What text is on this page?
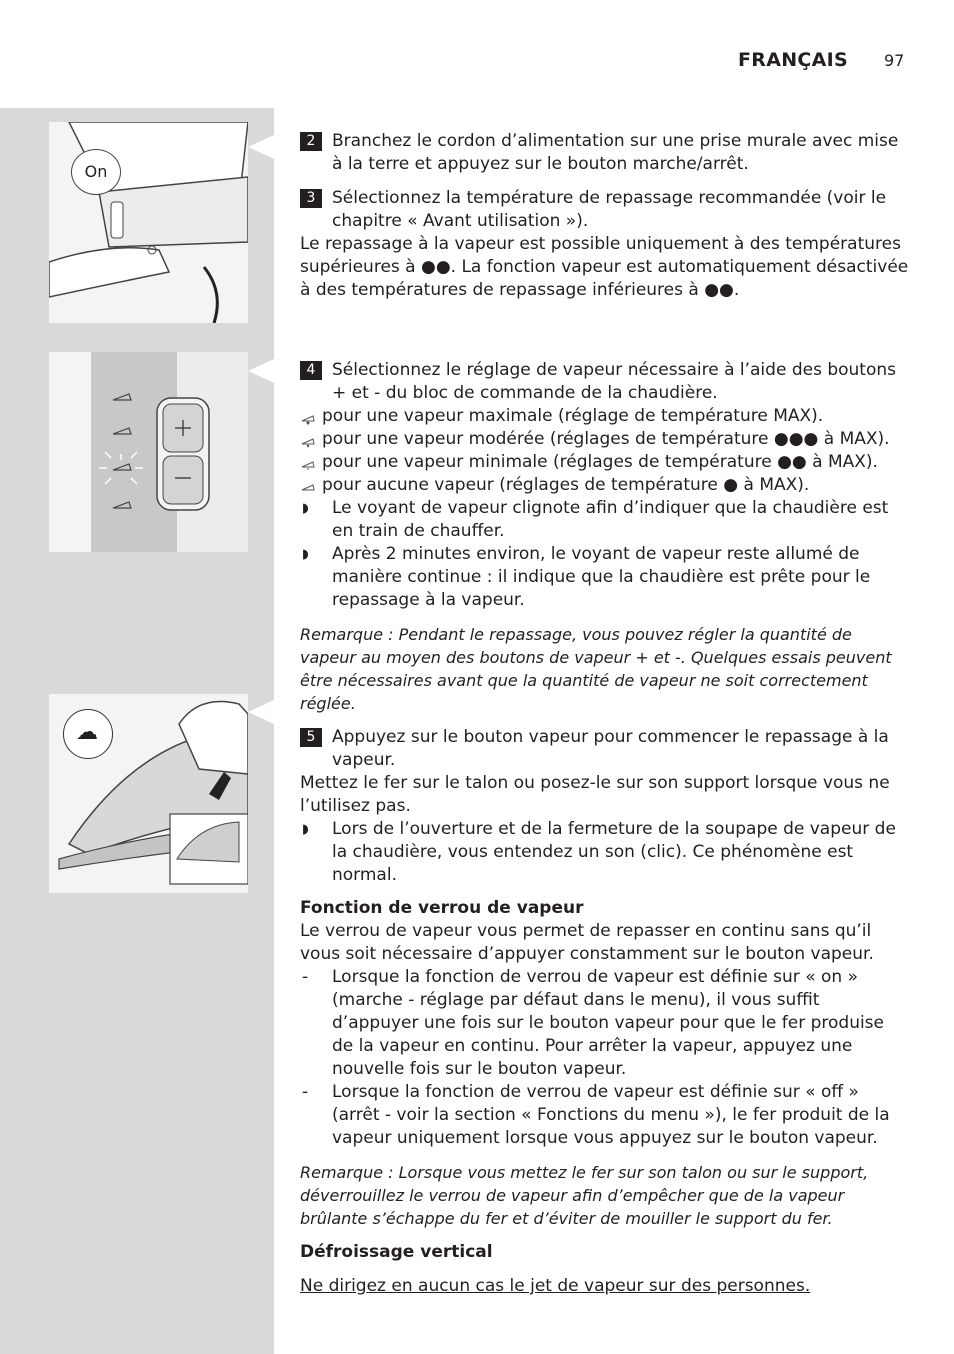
FRANÇAIS 97
On
☁

2 Branchez le cordon d’alimentation sur une prise murale avec mise à la terre et appuyez sur le bouton marche/arrêt.

3 Sélectionnez la température de repassage recommandée (voir le chapitre « Avant utilisation »).

Le repassage à la vapeur est possible uniquement à des températures supérieures à ●●. La fonction vapeur est automatiquement désactivée à des températures de repassage inférieures à ●●.

4 Sélectionnez le réglage de vapeur nécessaire à l’aide des boutons + et - du bloc de commande de la chaudière.

pour une vapeur maximale (réglage de température MAX).

pour une vapeur modérée (réglages de température ●●● à MAX).

pour une vapeur minimale (réglages de température ●● à MAX).

pour aucune vapeur (réglages de température ● à MAX).

◗ Le voyant de vapeur clignote afin d’indiquer que la chaudière est en train de chauffer.

◗ Après 2 minutes environ, le voyant de vapeur reste allumé de manière continue : il indique que la chaudière est prête pour le repassage à la vapeur.

Remarque : Pendant le repassage, vous pouvez régler la quantité de vapeur au moyen des boutons de vapeur + et -. Quelques essais peuvent être nécessaires avant que la quantité de vapeur ne soit correctement réglée.

5 Appuyez sur le bouton vapeur pour commencer le repassage à la vapeur.

Mettez le fer sur le talon ou posez-le sur son support lorsque vous ne l’utilisez pas.

◗ Lors de l’ouverture et de la fermeture de la soupape de vapeur de la chaudière, vous entendez un son (clic). Ce phénomène est normal.

Fonction de verrou de vapeur

Le verrou de vapeur vous permet de repasser en continu sans qu’il vous soit nécessaire d’appuyer constamment sur le bouton vapeur.

- Lorsque la fonction de verrou de vapeur est définie sur « on » (marche - réglage par défaut dans le menu), il vous suffit d’appuyer une fois sur le bouton vapeur pour que le fer produise de la vapeur en continu. Pour arrêter la vapeur, appuyez une nouvelle fois sur le bouton vapeur.

- Lorsque la fonction de verrou de vapeur est définie sur « off » (arrêt - voir la section « Fonctions du menu »), le fer produit de la vapeur uniquement lorsque vous appuyez sur le bouton vapeur.

Remarque : Lorsque vous mettez le fer sur son talon ou sur le support, déverrouillez le verrou de vapeur afin d’empêcher que de la vapeur brûlante s’échappe du fer et d’éviter de mouiller le support du fer.

Défroissage vertical

Ne dirigez en aucun cas le jet de vapeur sur des personnes.
